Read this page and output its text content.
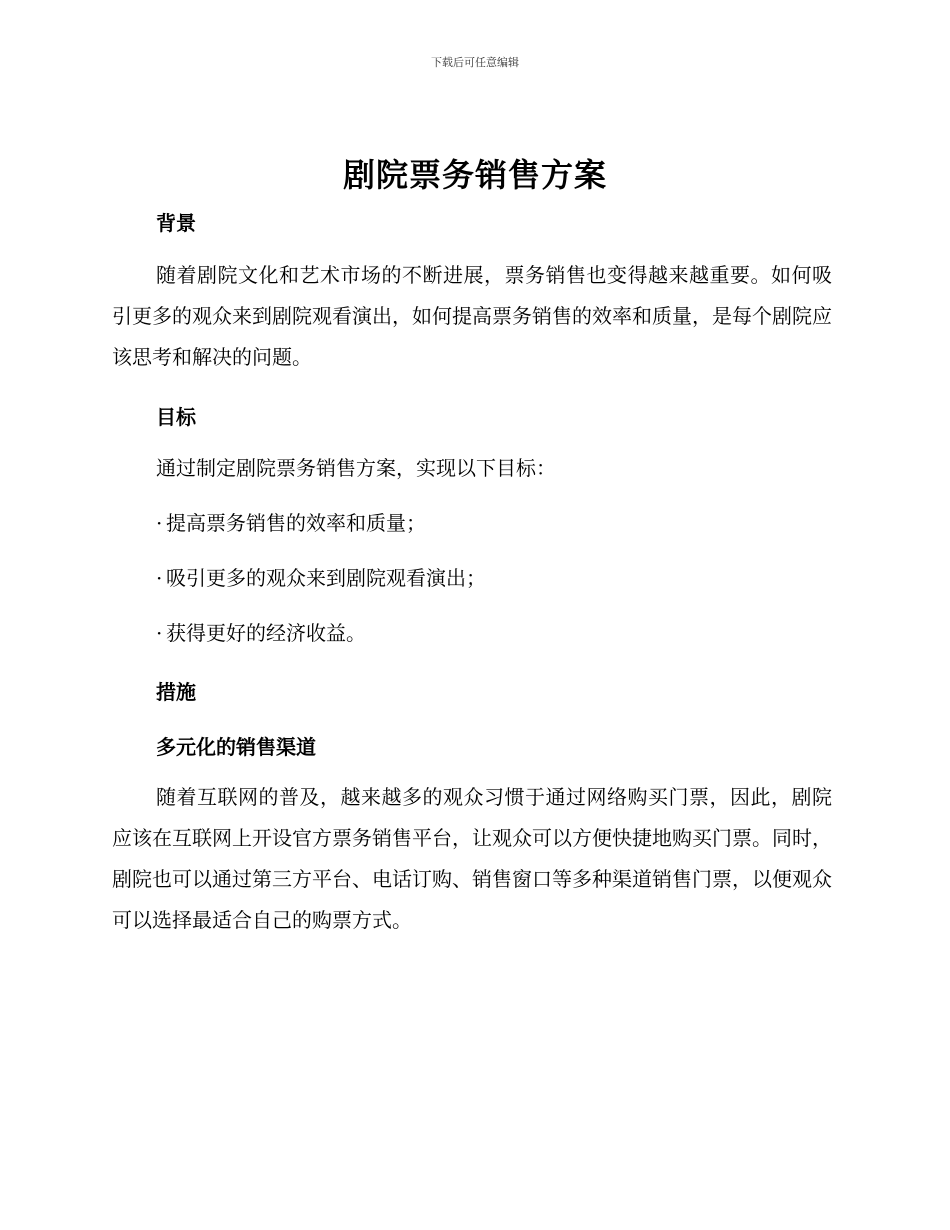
下载后可任意编辑
剧院票务销售方案
背景

随着剧院文化和艺术市场的不断进展，票务销售也变得越来越重要。如何吸引更多的观众来到剧院观看演出，如何提高票务销售的效率和质量，是每个剧院应该思考和解决的问题。

目标

通过制定剧院票务销售方案，实现以下目标：

· 提高票务销售的效率和质量；

· 吸引更多的观众来到剧院观看演出；

· 获得更好的经济收益。

措施
多元化的销售渠道

随着互联网的普及，越来越多的观众习惯于通过网络购买门票，因此，剧院应该在互联网上开设官方票务销售平台，让观众可以方便快捷地购买门票。同时，剧院也可以通过第三方平台、电话订购、销售窗口等多种渠道销售门票，以便观众可以选择最适合自己的购票方式。
